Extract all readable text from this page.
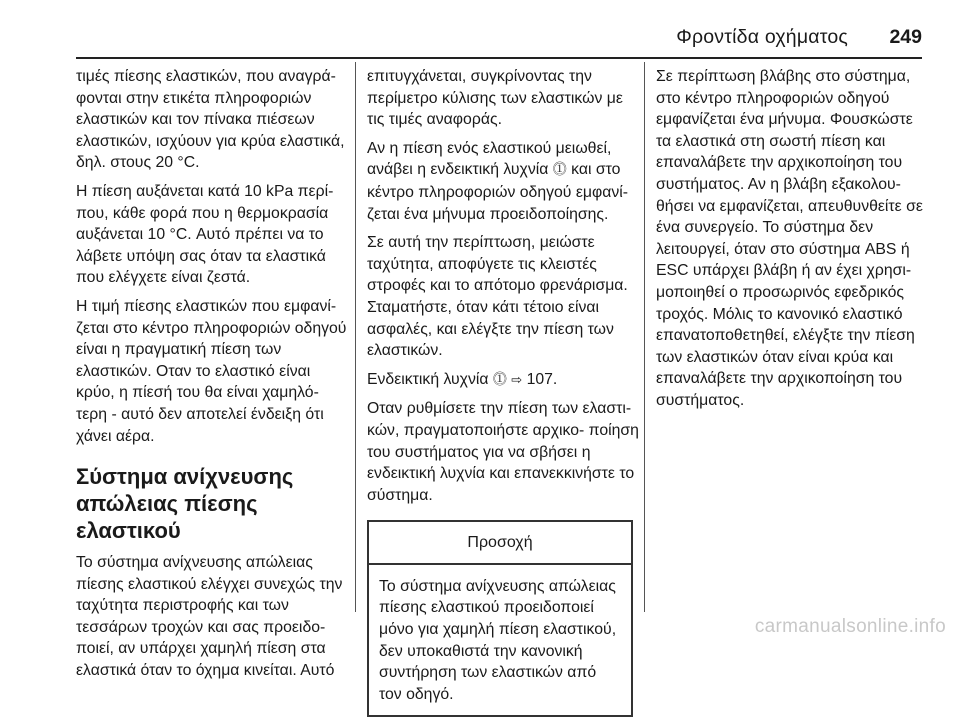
Φροντίδα οχήματος 249

τιμές πίεσης ελαστικών, που αναγρά- φονται στην ετικέτα πληροφοριών ελαστικών και τον πίνακα πιέσεων ελαστικών, ισχύουν για κρύα ελαστικά, δηλ. στους 20 °C.

Η πίεση αυξάνεται κατά 10 kPa περί- που, κάθε φορά που η θερμοκρασία αυξάνεται 10 °C. Αυτό πρέπει να το λάβετε υπόψη σας όταν τα ελαστικά που ελέγχετε είναι ζεστά.

Η τιμή πίεσης ελαστικών που εμφανί- ζεται στο κέντρο πληροφοριών οδηγού είναι η πραγματική πίεση των ελαστικών. Οταν το ελαστικό είναι κρύο, η πίεσή του θα είναι χαμηλό- τερη - αυτό δεν αποτελεί ένδειξη ότι χάνει αέρα.

Σύστημα ανίχνευσης απώλειας πίεσης ελαστικού

Το σύστημα ανίχνευσης απώλειας πίεσης ελαστικού ελέγχει συνεχώς την ταχύτητα περιστροφής και των τεσσάρων τροχών και σας προειδο- ποιεί, αν υπάρχει χαμηλή πίεση στα ελαστικά όταν το όχημα κινείται. Αυτό

επιτυγχάνεται, συγκρίνοντας την περίμετρο κύλισης των ελαστικών με τις τιμές αναφοράς.

Αν η πίεση ενός ελαστικού μειωθεί, ανάβει η ενδεικτική λυχνία ⓵ και στο κέντρο πληροφοριών οδηγού εμφανί- ζεται ένα μήνυμα προειδοποίησης.

Σε αυτή την περίπτωση, μειώστε ταχύτητα, αποφύγετε τις κλειστές στροφές και το απότομο φρενάρισμα. Σταματήστε, όταν κάτι τέτοιο είναι ασφαλές, και ελέγξτε την πίεση των ελαστικών.

Ενδεικτική λυχνία ⓵ ⇨ 107.

Οταν ρυθμίσετε την πίεση των ελαστι- κών, πραγματοποιήστε αρχικο- ποίηση του συστήματος για να σβήσει η ενδεικτική λυχνία και επανεκκινήστε το σύστημα.

Προσοχή
Το σύστημα ανίχνευσης απώλειας πίεσης ελαστικού προειδοποιεί μόνο για χαμηλή πίεση ελαστικού, δεν υποκαθιστά την κανονική συντήρηση των ελαστικών από τον οδηγό.

Σε περίπτωση βλάβης στο σύστημα, στο κέντρο πληροφοριών οδηγού εμφανίζεται ένα μήνυμα. Φουσκώστε τα ελαστικά στη σωστή πίεση και επαναλάβετε την αρχικοποίηση του συστήματος. Αν η βλάβη εξακολου- θήσει να εμφανίζεται, απευθυνθείτε σε ένα συνεργείο. Το σύστημα δεν λειτουργεί, όταν στο σύστημα ABS ή ESC υπάρχει βλάβη ή αν έχει χρησι- μοποιηθεί ο προσωρινός εφεδρικός τροχός. Μόλις το κανονικό ελαστικό επανατοποθετηθεί, ελέγξτε την πίεση των ελαστικών όταν είναι κρύα και επαναλάβετε την αρχικοποίηση του συστήματος.

carmanualsonline.info
